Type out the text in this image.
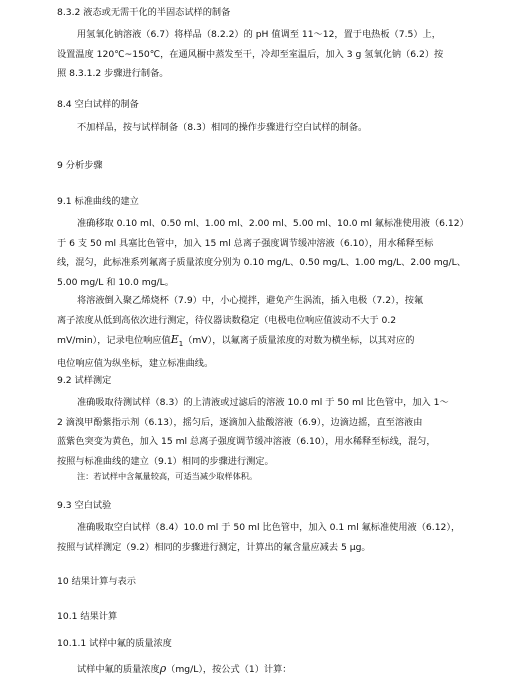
8.3.2 液态或无需干化的半固态试样的制备
用氢氧化钠溶液（6.7）将样品（8.2.2）的 pH 值调至 11～12，置于电热板（7.5）上，
设置温度 120℃~150℃，在通风橱中蒸发至干，冷却至室温后，加入 3 g 氢氧化钠（6.2）按
照 8.3.1.2 步骤进行制备。
8.4 空白试样的制备
不加样品，按与试样制备（8.3）相同的操作步骤进行空白试样的制备。
9 分析步骤
9.1 标准曲线的建立
准确移取 0.10 ml、0.50 ml、1.00 ml、2.00 ml、5.00 ml、10.0 ml 氟标准使用液（6.12）
于 6 支 50 ml 具塞比色管中，加入 15 ml 总离子强度调节缓冲溶液（6.10），用水稀释至标
线，混匀，此标准系列氟离子质量浓度分别为 0.10 mg/L、0.50 mg/L、1.00 mg/L、2.00 mg/L、
5.00 mg/L 和 10.0 mg/L。
将溶液倒入聚乙烯烧杯（7.9）中，小心搅拌，避免产生涡流，插入电极（7.2），按氟
离子浓度从低到高依次进行测定，待仪器读数稳定（电极电位响应值波动不大于 0.2
mV/min），记录电位响应值$E_1(mV)$，以氟离子质量浓度的对数为横坐标，以其对应的
电位响应值为纵坐标，建立标准曲线。
9.2 试样测定
准确吸取待测试样（8.3）的上清液或过滤后的溶液 10.0 ml 于 50 ml 比色管中，加入 1～
2 滴溴甲酚紫指示剂（6.13），摇匀后，逐滴加入盐酸溶液（6.9），边滴边摇，直至溶液由
蓝紫色突变为黄色，加入 15 ml 总离子强度调节缓冲溶液（6.10），用水稀释至标线，混匀，
按照与标准曲线的建立（9.1）相同的步骤进行测定。
注：若试样中含氟量较高，可适当减少取样体积。
9.3 空白试验
准确吸取空白试样（8.4）10.0 ml 于 50 ml 比色管中，加入 0.1 ml 氟标准使用液（6.12），
按照与试样测定（9.2）相同的步骤进行测定，计算出的氟含量应减去 5 μg。
10 结果计算与表示
10.1 结果计算
10.1.1 试样中氟的质量浓度
试样中氟的质量浓度ρ（mg/L），按公式（1）计算：
